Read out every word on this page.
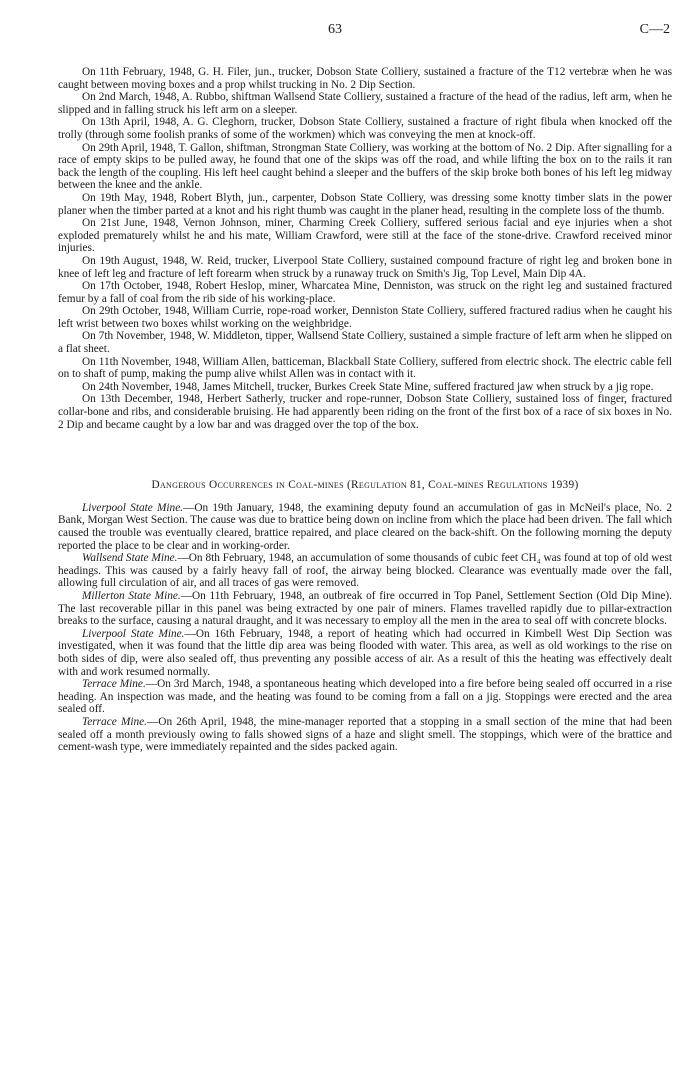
63	C—2

On 11th February, 1948, G. H. Filer, jun., trucker, Dobson State Colliery, sustained a fracture of the T12 vertebræ when he was caught between moving boxes and a prop whilst trucking in No. 2 Dip Section.

On 2nd March, 1948, A. Rubbo, shiftman Wallsend State Colliery, sustained a fracture of the head of the radius, left arm, when he slipped and in falling struck his left arm on a sleeper.

On 13th April, 1948, A. G. Cleghorn, trucker, Dobson State Colliery, sustained a fracture of right fibula when knocked off the trolly (through some foolish pranks of some of the workmen) which was conveying the men at knock-off.

On 29th April, 1948, T. Gallon, shiftman, Strongman State Colliery, was working at the bottom of No. 2 Dip. After signalling for a race of empty skips to be pulled away, he found that one of the skips was off the road, and while lifting the box on to the rails it ran back the length of the coupling. His left heel caught behind a sleeper and the buffers of the skip broke both bones of his left leg midway between the knee and the ankle.

On 19th May, 1948, Robert Blyth, jun., carpenter, Dobson State Colliery, was dressing some knotty timber slats in the power planer when the timber parted at a knot and his right thumb was caught in the planer head, resulting in the complete loss of the thumb.

On 21st June, 1948, Vernon Johnson, miner, Charming Creek Colliery, suffered serious facial and eye injuries when a shot exploded prematurely whilst he and his mate, William Crawford, were still at the face of the stone-drive. Crawford received minor injuries.

On 19th August, 1948, W. Reid, trucker, Liverpool State Colliery, sustained compound fracture of right leg and broken bone in knee of left leg and fracture of left forearm when struck by a runaway truck on Smith's Jig, Top Level, Main Dip 4A.

On 17th October, 1948, Robert Heslop, miner, Wharcatea Mine, Denniston, was struck on the right leg and sustained fractured femur by a fall of coal from the rib side of his working-place.

On 29th October, 1948, William Currie, rope-road worker, Denniston State Colliery, suffered fractured radius when he caught his left wrist between two boxes whilst working on the weighbridge.

On 7th November, 1948, W. Middleton, tipper, Wallsend State Colliery, sustained a simple fracture of left arm when he slipped on a flat sheet.

On 11th November, 1948, William Allen, batticeman, Blackball State Colliery, suffered from electric shock. The electric cable fell on to shaft of pump, making the pump alive whilst Allen was in contact with it.

On 24th November, 1948, James Mitchell, trucker, Burkes Creek State Mine, suffered fractured jaw when struck by a jig rope.

On 13th December, 1948, Herbert Satherly, trucker and rope-runner, Dobson State Colliery, sustained loss of finger, fractured collar-bone and ribs, and considerable bruising. He had apparently been riding on the front of the first box of a race of six boxes in No. 2 Dip and became caught by a low bar and was dragged over the top of the box.

Dangerous Occurrences in Coal-mines (Regulation 81, Coal-mines Regulations 1939)

Liverpool State Mine.—On 19th January, 1948, the examining deputy found an accumulation of gas in McNeil's place, No. 2 Bank, Morgan West Section. The cause was due to brattice being down on incline from which the place had been driven. The fall which caused the trouble was eventually cleared, brattice repaired, and place cleared on the back-shift. On the following morning the deputy reported the place to be clear and in working-order.

Wallsend State Mine.—On 8th February, 1948, an accumulation of some thousands of cubic feet CH₄ was found at top of old west headings. This was caused by a fairly heavy fall of roof, the airway being blocked. Clearance was eventually made over the fall, allowing full circulation of air, and all traces of gas were removed.

Millerton State Mine.—On 11th February, 1948, an outbreak of fire occurred in Top Panel, Settlement Section (Old Dip Mine). The last recoverable pillar in this panel was being extracted by one pair of miners. Flames travelled rapidly due to pillar-extraction breaks to the surface, causing a natural draught, and it was necessary to employ all the men in the area to seal off with concrete blocks.

Liverpool State Mine.—On 16th February, 1948, a report of heating which had occurred in Kimbell West Dip Section was investigated, when it was found that the little dip area was being flooded with water. This area, as well as old workings to the rise on both sides of dip, were also sealed off, thus preventing any possible access of air. As a result of this the heating was effectively dealt with and work resumed normally.

Terrace Mine.—On 3rd March, 1948, a spontaneous heating which developed into a fire before being sealed off occurred in a rise heading. An inspection was made, and the heating was found to be coming from a fall on a jig. Stoppings were erected and the area sealed off.

Terrace Mine.—On 26th April, 1948, the mine-manager reported that a stopping in a small section of the mine that had been sealed off a month previously owing to falls showed signs of a haze and slight smell. The stoppings, which were of the brattice and cement-wash type, were immediately repainted and the sides packed again.
